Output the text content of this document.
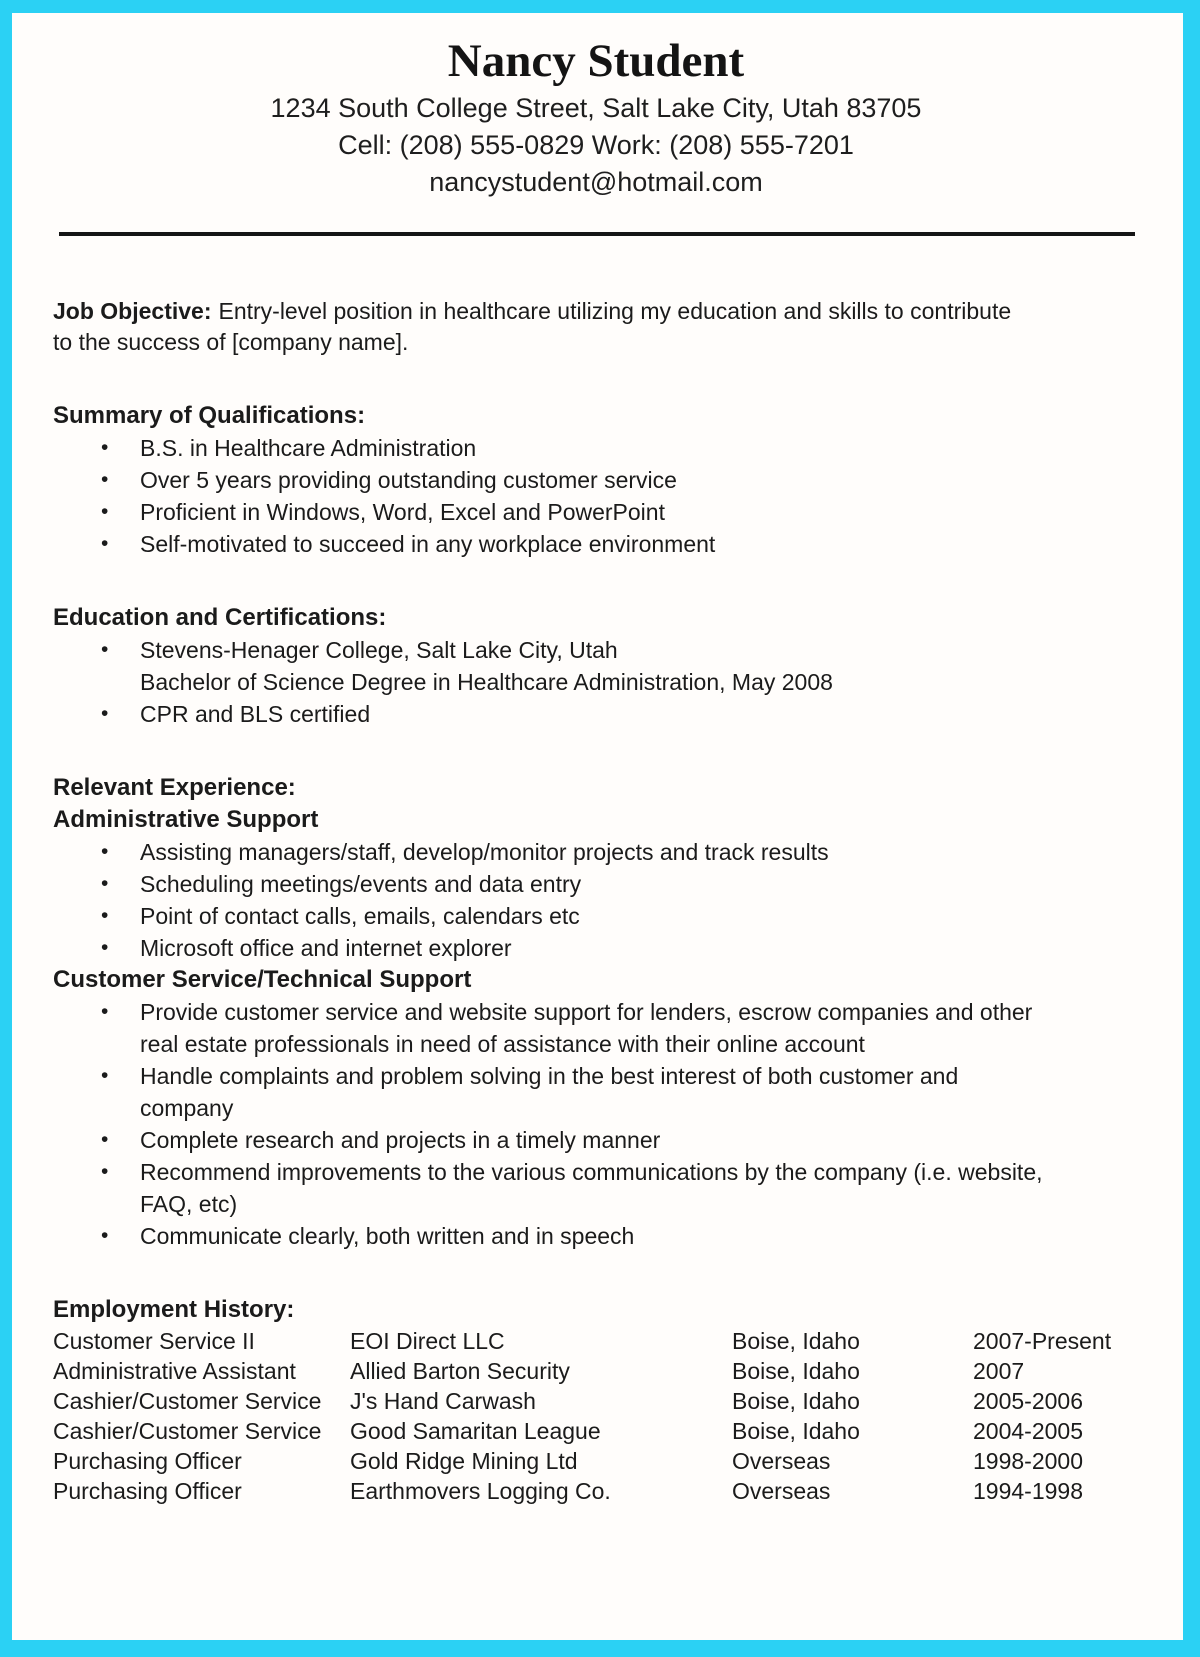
Nancy Student
1234 South College Street, Salt Lake City, Utah 83705
Cell: (208) 555-0829 Work: (208) 555-7201
nancystudent@hotmail.com

Job Objective: Entry-level position in healthcare utilizing my education and skills to contribute
to the success of [company name].

Summary of Qualifications:
•	B.S. in Healthcare Administration
•	Over 5 years providing outstanding customer service
•	Proficient in Windows, Word, Excel and PowerPoint
•	Self-motivated to succeed in any workplace environment
Education and Certifications:
•	Stevens-Henager College, Salt Lake City, Utah
Bachelor of Science Degree in Healthcare Administration, May 2008
•	CPR and BLS certified
Relevant Experience:
Administrative Support
•	Assisting managers/staff, develop/monitor projects and track results
•	Scheduling meetings/events and data entry
•	Point of contact calls, emails, calendars etc
•	Microsoft office and internet explorer
Customer Service/Technical Support
•	Provide customer service and website support for lenders, escrow companies and other
real estate professionals in need of assistance with their online account
•	Handle complaints and problem solving in the best interest of both customer and
company
•	Complete research and projects in a timely manner
•	Recommend improvements to the various communications by the company (i.e. website,
FAQ, etc)
•	Communicate clearly, both written and in speech
Employment History:
Customer Service II	EOI Direct LLC	Boise, Idaho	2007-Present
Administrative Assistant	Allied Barton Security	Boise, Idaho	2007
Cashier/Customer Service	J's Hand Carwash	Boise, Idaho	2005-2006
Cashier/Customer Service	Good Samaritan League	Boise, Idaho	2004-2005
Purchasing Officer	Gold Ridge Mining Ltd	Overseas	1998-2000
Purchasing Officer	Earthmovers Logging Co.	Overseas	1994-1998
